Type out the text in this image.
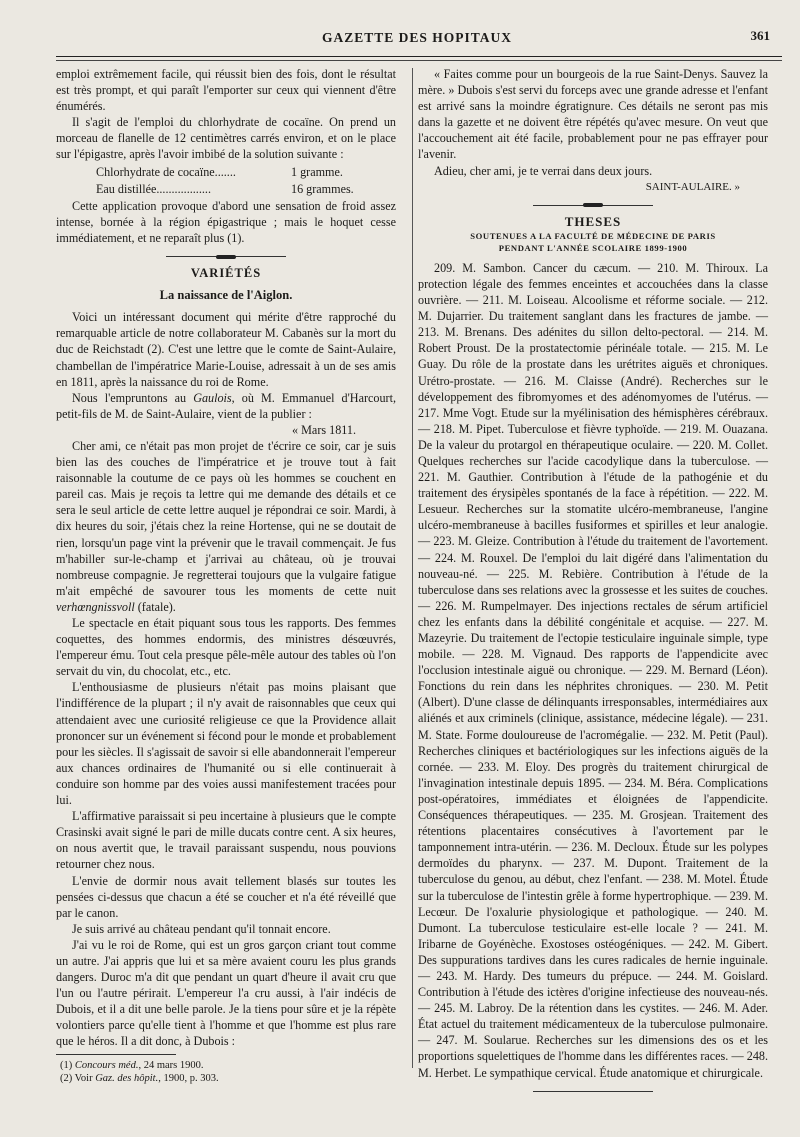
GAZETTE DES HOPITAUX	361

emploi extrêmement facile, qui réussit bien des fois, dont le résultat est très prompt, et qui paraît l'emporter sur ceux qui viennent d'être énumérés.

Il s'agit de l'emploi du chlorhydrate de cocaïne. On prend un morceau de flanelle de 12 centimètres carrés environ, et on le place sur l'épigastre, après l'avoir imbibé de la solution suivante :

Chlorhydrate de cocaïne.......	1 gramme.
Eau distillée..................	16 grammes.

Cette application provoque d'abord une sensation de froid assez intense, bornée à la région épigastrique ; mais le hoquet cesse immédiatement, et ne reparaît plus (1).

VARIÉTÉS
La naissance de l'Aiglon.

Voici un intéressant document qui mérite d'être rapproché du remarquable article de notre collaborateur M. Cabanès sur la mort du duc de Reichstadt (2). C'est une lettre que le comte de Saint-Aulaire, chambellan de l'impératrice Marie-Louise, adressait à un de ses amis en 1811, après la naissance du roi de Rome.

Nous l'empruntons au Gaulois, où M. Emmanuel d'Harcourt, petit-fils de M. de Saint-Aulaire, vient de la publier :

« Mars 1811.

Cher ami, ce n'était pas mon projet de t'écrire ce soir, car je suis bien las des couches de l'impératrice et je trouve tout à fait raisonnable la coutume de ce pays où les hommes se couchent en pareil cas. Mais je reçois ta lettre qui me demande des détails et ce sera le seul article de cette lettre auquel je répondrai ce soir. Mardi, à dix heures du soir, j'étais chez la reine Hortense, qui ne se doutait de rien, lorsqu'un page vint la prévenir que le travail commençait. Je fus m'habiller sur-le-champ et j'arrivai au château, où je trouvai nombreuse compagnie. Je regretterai toujours que la vulgaire fatigue m'ait empêché de savourer tous les moments de cette nuit verhœngnissvoll (fatale).

Le spectacle en était piquant sous tous les rapports. Des femmes coquettes, des hommes endormis, des ministres désœuvrés, l'empereur ému. Tout cela presque pêle-mêle autour des tables où l'on servait du vin, du chocolat, etc., etc.

L'enthousiasme de plusieurs n'était pas moins plaisant que l'indifférence de la plupart ; il n'y avait de raisonnables que ceux qui attendaient avec une curiosité religieuse ce que la Providence allait prononcer sur un événement si fécond pour le monde et probablement pour les siècles. Il s'agissait de savoir si elle abandonnerait l'empereur aux chances ordinaires de l'humanité ou si elle continuerait à conduire son homme par des voies aussi manifestement tracées pour lui.

L'affirmative paraissait si peu incertaine à plusieurs que le compte Crasinski avait signé le pari de mille ducats contre cent. A six heures, on nous avertit que, le travail paraissant suspendu, nous pouvions retourner chez nous.

L'envie de dormir nous avait tellement blasés sur toutes les pensées ci-dessus que chacun a été se coucher et n'a été réveillé que par le canon.

Je suis arrivé au château pendant qu'il tonnait encore.

J'ai vu le roi de Rome, qui est un gros garçon criant tout comme un autre. J'ai appris que lui et sa mère avaient couru les plus grands dangers. Duroc m'a dit que pendant un quart d'heure il avait cru que l'un ou l'autre périrait. L'empereur l'a cru aussi, à l'air indécis de Dubois, et il a dit une belle parole. Je la tiens pour sûre et je la répète volontiers parce qu'elle tient à l'homme et que l'homme est plus rare que le héros. Il a dit donc, à Dubois :

(1) Concours méd., 24 mars 1900.
(2) Voir Gaz. des hôpit., 1900, p. 303.

« Faites comme pour un bourgeois de la rue Saint-Denys. Sauvez la mère. » Dubois s'est servi du forceps avec une grande adresse et l'enfant est arrivé sans la moindre égratignure. Ces détails ne seront pas mis dans la gazette et ne doivent être répétés qu'avec mesure. On veut que l'accouchement ait été facile, probablement pour ne pas effrayer pour l'avenir.

Adieu, cher ami, je te verrai dans deux jours.

SAINT-AULAIRE. »

THESES
SOUTENUES A LA FACULTÉ DE MÉDECINE DE PARIS
PENDANT L'ANNÉE SCOLAIRE 1899-1900

209. M. Sambon. Cancer du cæcum. — 210. M. Thiroux. La protection légale des femmes enceintes et accouchées dans la classe ouvrière. — 211. M. Loiseau. Alcoolisme et réforme sociale. — 212. M. Dujarrier. Du traitement sanglant dans les fractures de jambe. — 213. M. Brenans. Des adénites du sillon delto-pectoral. — 214. M. Robert Proust. De la prostatectomie périnéale totale. — 215. M. Le Guay. Du rôle de la prostate dans les urétrites aiguës et chroniques. Urétro-prostate. — 216. M. Claisse (André). Recherches sur le développement des fibromyomes et des adénomyomes de l'utérus. — 217. Mme Vogt. Etude sur la myélinisation des hémisphères cérébraux. — 218. M. Pipet. Tuberculose et fièvre typhoïde. — 219. M. Ouazana. De la valeur du protargol en thérapeutique oculaire. — 220. M. Collet. Quelques recherches sur l'acide cacodylique dans la tuberculose. — 221. M. Gauthier. Contribution à l'étude de la pathogénie et du traitement des érysipèles spontanés de la face à répétition. — 222. M. Lesueur. Recherches sur la stomatite ulcéro-membraneuse, l'angine ulcéro-membraneuse à bacilles fusiformes et spirilles et leur analogie. — 223. M. Gleize. Contribution à l'étude du traitement de l'avortement. — 224. M. Rouxel. De l'emploi du lait digéré dans l'alimentation du nouveau-né. — 225. M. Rebière. Contribution à l'étude de la tuberculose dans ses relations avec la grossesse et les suites de couches. — 226. M. Rumpelmayer. Des injections rectales de sérum artificiel chez les enfants dans la débilité congénitale et acquise. — 227. M. Mazeyrie. Du traitement de l'ectopie testiculaire inguinale simple, type mobile. — 228. M. Vignaud. Des rapports de l'appendicite avec l'occlusion intestinale aiguë ou chronique. — 229. M. Bernard (Léon). Fonctions du rein dans les néphrites chroniques. — 230. M. Petit (Albert). D'une classe de délinquants irresponsables, intermédiaires aux aliénés et aux criminels (clinique, assistance, médecine légale). — 231. M. State. Forme douloureuse de l'acromégalie. — 232. M. Petit (Paul). Recherches cliniques et bactériologiques sur les infections aiguës de la cornée. — 233. M. Eloy. Des progrès du traitement chirurgical de l'invagination intestinale depuis 1895. — 234. M. Béra. Complications post-opératoires, immédiates et éloignées de l'appendicite. Conséquences thérapeutiques. — 235. M. Grosjean. Traitement des rétentions placentaires consécutives à l'avortement par le tamponnement intra-utérin. — 236. M. Decloux. Étude sur les polypes dermoïdes du pharynx. — 237. M. Dupont. Traitement de la tuberculose du genou, au début, chez l'enfant. — 238. M. Motel. Étude sur la tuberculose de l'intestin grêle à forme hypertrophique. — 239. M. Lecœur. De l'oxalurie physiologique et pathologique. — 240. M. Dumont. La tuberculose testiculaire est-elle locale ? — 241. M. Iribarne de Goyénèche. Exostoses ostéogéniques. — 242. M. Gibert. Des suppurations tardives dans les cures radicales de hernie inguinale. — 243. M. Hardy. Des tumeurs du prépuce. — 244. M. Goislard. Contribution à l'étude des ictères d'origine infectieuse des nouveau-nés. — 245. M. Labroy. De la rétention dans les cystites. — 246. M. Ader. État actuel du traitement médicamenteux de la tuberculose pulmonaire. — 247. M. Soularue. Recherches sur les dimensions des os et les proportions squelettiques de l'homme dans les différentes races. — 248. M. Herbet. Le sympathique cervical. Étude anatomique et chirurgicale.
